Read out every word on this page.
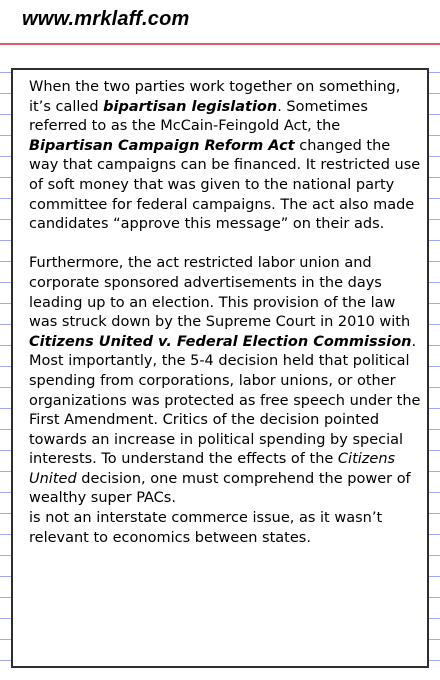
www.mrklaff.com

When the two parties work together on something, it’s called bipartisan legislation. Sometimes referred to as the McCain-Feingold Act, the Bipartisan Campaign Reform Act changed the way that campaigns can be financed. It restricted use of soft money that was given to the national party committee for federal campaigns. The act also made candidates “approve this message” on their ads.

Furthermore, the act restricted labor union and corporate sponsored advertisements in the days leading up to an election. This provision of the law was struck down by the Supreme Court in 2010 with Citizens United v. Federal Election Commission. Most importantly, the 5-4 decision held that political spending from corporations, labor unions, or other organizations was protected as free speech under the First Amendment. Critics of the decision pointed towards an increase in political spending by special interests. To understand the effects of the Citizens United decision, one must comprehend the power of wealthy super PACs.
is not an interstate commerce issue, as it wasn’t relevant to economics between states.
